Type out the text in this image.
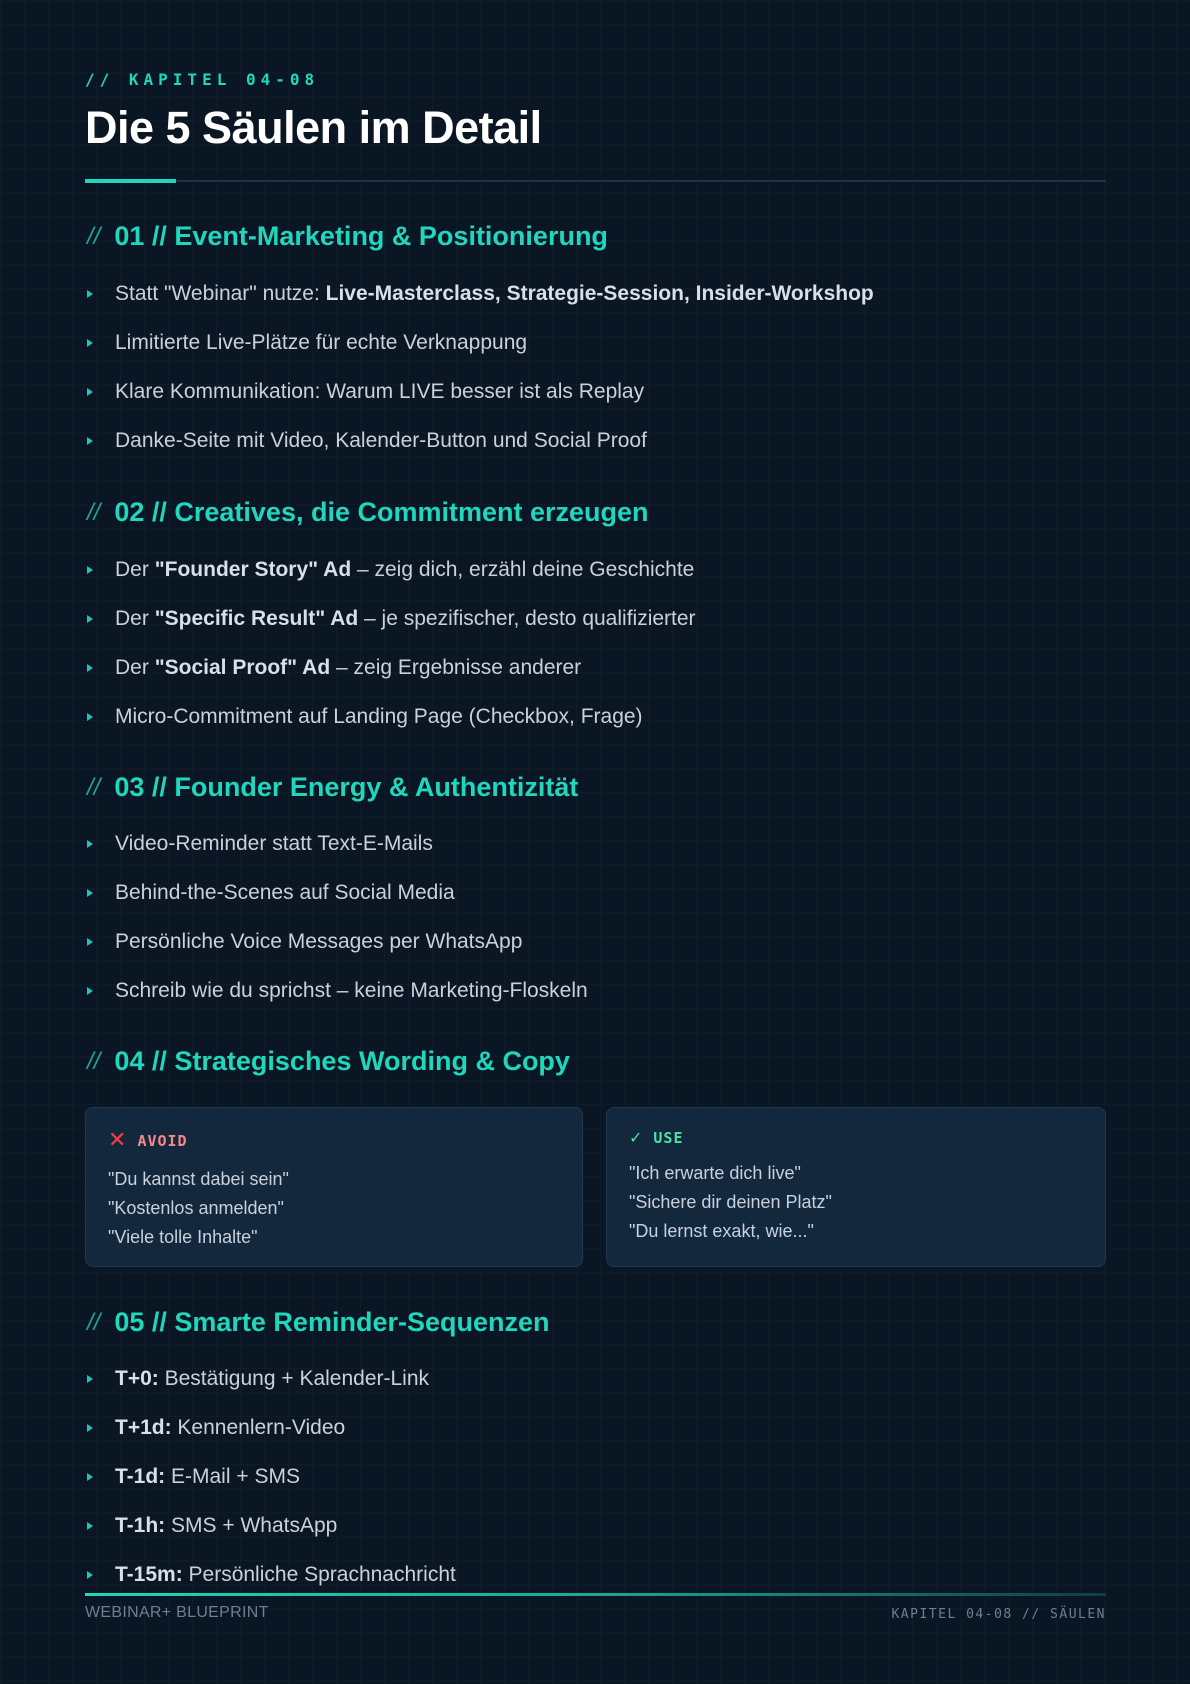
// KAPITEL 04-08
Die 5 Säulen im Detail
// 01 // Event-Marketing & Positionierung
Statt "Webinar" nutze: Live-Masterclass, Strategie-Session, Insider-Workshop
Limitierte Live-Plätze für echte Verknappung
Klare Kommunikation: Warum LIVE besser ist als Replay
Danke-Seite mit Video, Kalender-Button und Social Proof
// 02 // Creatives, die Commitment erzeugen
Der "Founder Story" Ad – zeig dich, erzähl deine Geschichte
Der "Specific Result" Ad – je spezifischer, desto qualifizierter
Der "Social Proof" Ad – zeig Ergebnisse anderer
Micro-Commitment auf Landing Page (Checkbox, Frage)
// 03 // Founder Energy & Authentizität
Video-Reminder statt Text-E-Mails
Behind-the-Scenes auf Social Media
Persönliche Voice Messages per WhatsApp
Schreib wie du sprichst – keine Marketing-Floskeln
// 04 // Strategisches Wording & Copy
✕ AVOID
"Du kannst dabei sein"
"Kostenlos anmelden"
"Viele tolle Inhalte"
✓ USE
"Ich erwarte dich live"
"Sichere dir deinen Platz"
"Du lernst exakt, wie..."
// 05 // Smarte Reminder-Sequenzen
T+0: Bestätigung + Kalender-Link
T+1d: Kennenlern-Video
T-1d: E-Mail + SMS
T-1h: SMS + WhatsApp
T-15m: Persönliche Sprachnachricht
WEBINAR+ BLUEPRINT	KAPITEL 04-08 // SÄULEN
